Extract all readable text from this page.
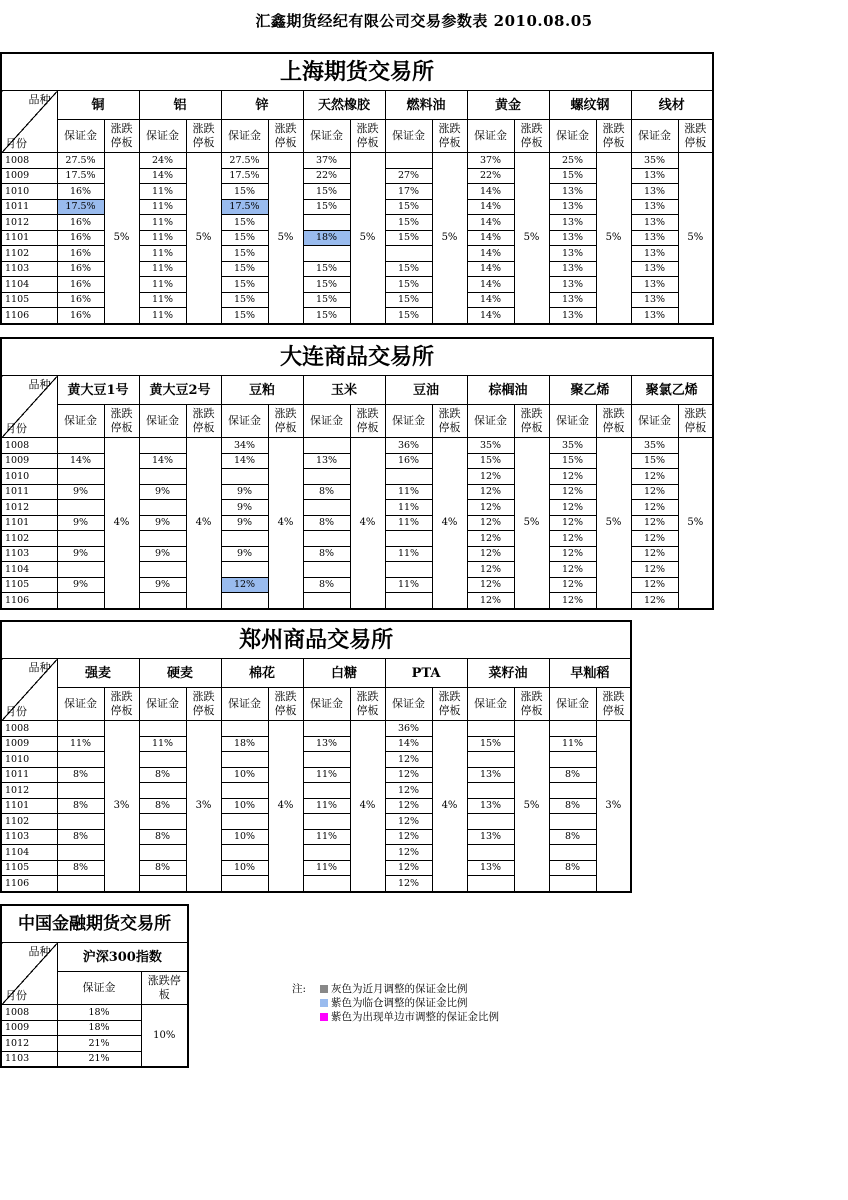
汇鑫期货经纪有限公司交易参数表 2010.08.05
上海期货交易所																

品种
月份	铜		铝		锌		天然橡胶		燃料油		黄金		螺纹钢		线材	
	保证金	涨跌停板	保证金	涨跌停板	保证金	涨跌停板	保证金	涨跌停板	保证金	涨跌停板	保证金	涨跌停板	保证金	涨跌停板	保证金	涨跌停板
1008	27.5%	5%	24%	5%	27.5%	5%	37%	5%		5%	37%	5%	25%	5%	35%	5%
1009	17.5%		14%		17.5%		22%		27%		22%		15%		13%	
1010	16%		11%		15%		15%		17%		14%		13%		13%	
1011	17.5%		11%		17.5%		15%		15%		14%		13%		13%	
1012	16%		11%		15%				15%		14%		13%		13%	
1101	16%		11%		15%		18%		15%		14%		13%		13%	
1102	16%		11%		15%						14%		13%		13%	
1103	16%		11%		15%		15%		15%		14%		13%		13%	
1104	16%		11%		15%		15%		15%		14%		13%		13%	
1105	16%		11%		15%		15%		15%		14%		13%		13%	
1106	16%		11%		15%		15%		15%		14%		13%		13%	
大连商品交易所																

品种
月份	黄大豆1号		黄大豆2号		豆粕		玉米		豆油		棕榈油		聚乙烯		聚氯乙烯	
	保证金	涨跌停板	保证金	涨跌停板	保证金	涨跌停板	保证金	涨跌停板	保证金	涨跌停板	保证金	涨跌停板	保证金	涨跌停板	保证金	涨跌停板
1008		4%		4%	34%	4%		4%	36%	4%	35%	5%	35%	5%	35%	5%
1009	14%		14%		14%		13%		16%		15%		15%		15%	
1010											12%		12%		12%	
1011	9%		9%		9%		8%		11%		12%		12%		12%	
1012					9%				11%		12%		12%		12%	
1101	9%		9%		9%		8%		11%		12%		12%		12%	
1102											12%		12%		12%	
1103	9%		9%		9%		8%		11%		12%		12%		12%	
1104											12%		12%		12%	
1105	9%		9%		12%		8%		11%		12%		12%		12%	
1106											12%		12%		12%	
郑州商品交易所														

品种
月份	强麦		硬麦		棉花		白糖		PTA		菜籽油		早籼稻	
	保证金	涨跌停板	保证金	涨跌停板	保证金	涨跌停板	保证金	涨跌停板	保证金	涨跌停板	保证金	涨跌停板	保证金	涨跌停板
1008		3%		3%		4%		4%	36%	4%		5%		3%
1009	11%		11%		18%		13%		14%		15%		11%	
1010									12%					
1011	8%		8%		10%		11%		12%		13%		8%	
1012									12%					
1101	8%		8%		10%		11%		12%		13%		8%	
1102									12%					
1103	8%		8%		10%		11%		12%		13%		8%	
1104									12%					
1105	8%		8%		10%		11%		12%		13%		8%	
1106									12%					
中国金融期货交易所		

品种
月份	沪深300指数	
	保证金	涨跌停板
1008	18%	10%
1009	18%	
1012	21%	
1103	21%	
注: 灰色为近月调整的保证金比例
紫色为临仓调整的保证金比例
紫色为出现单边市调整的保证金比例
